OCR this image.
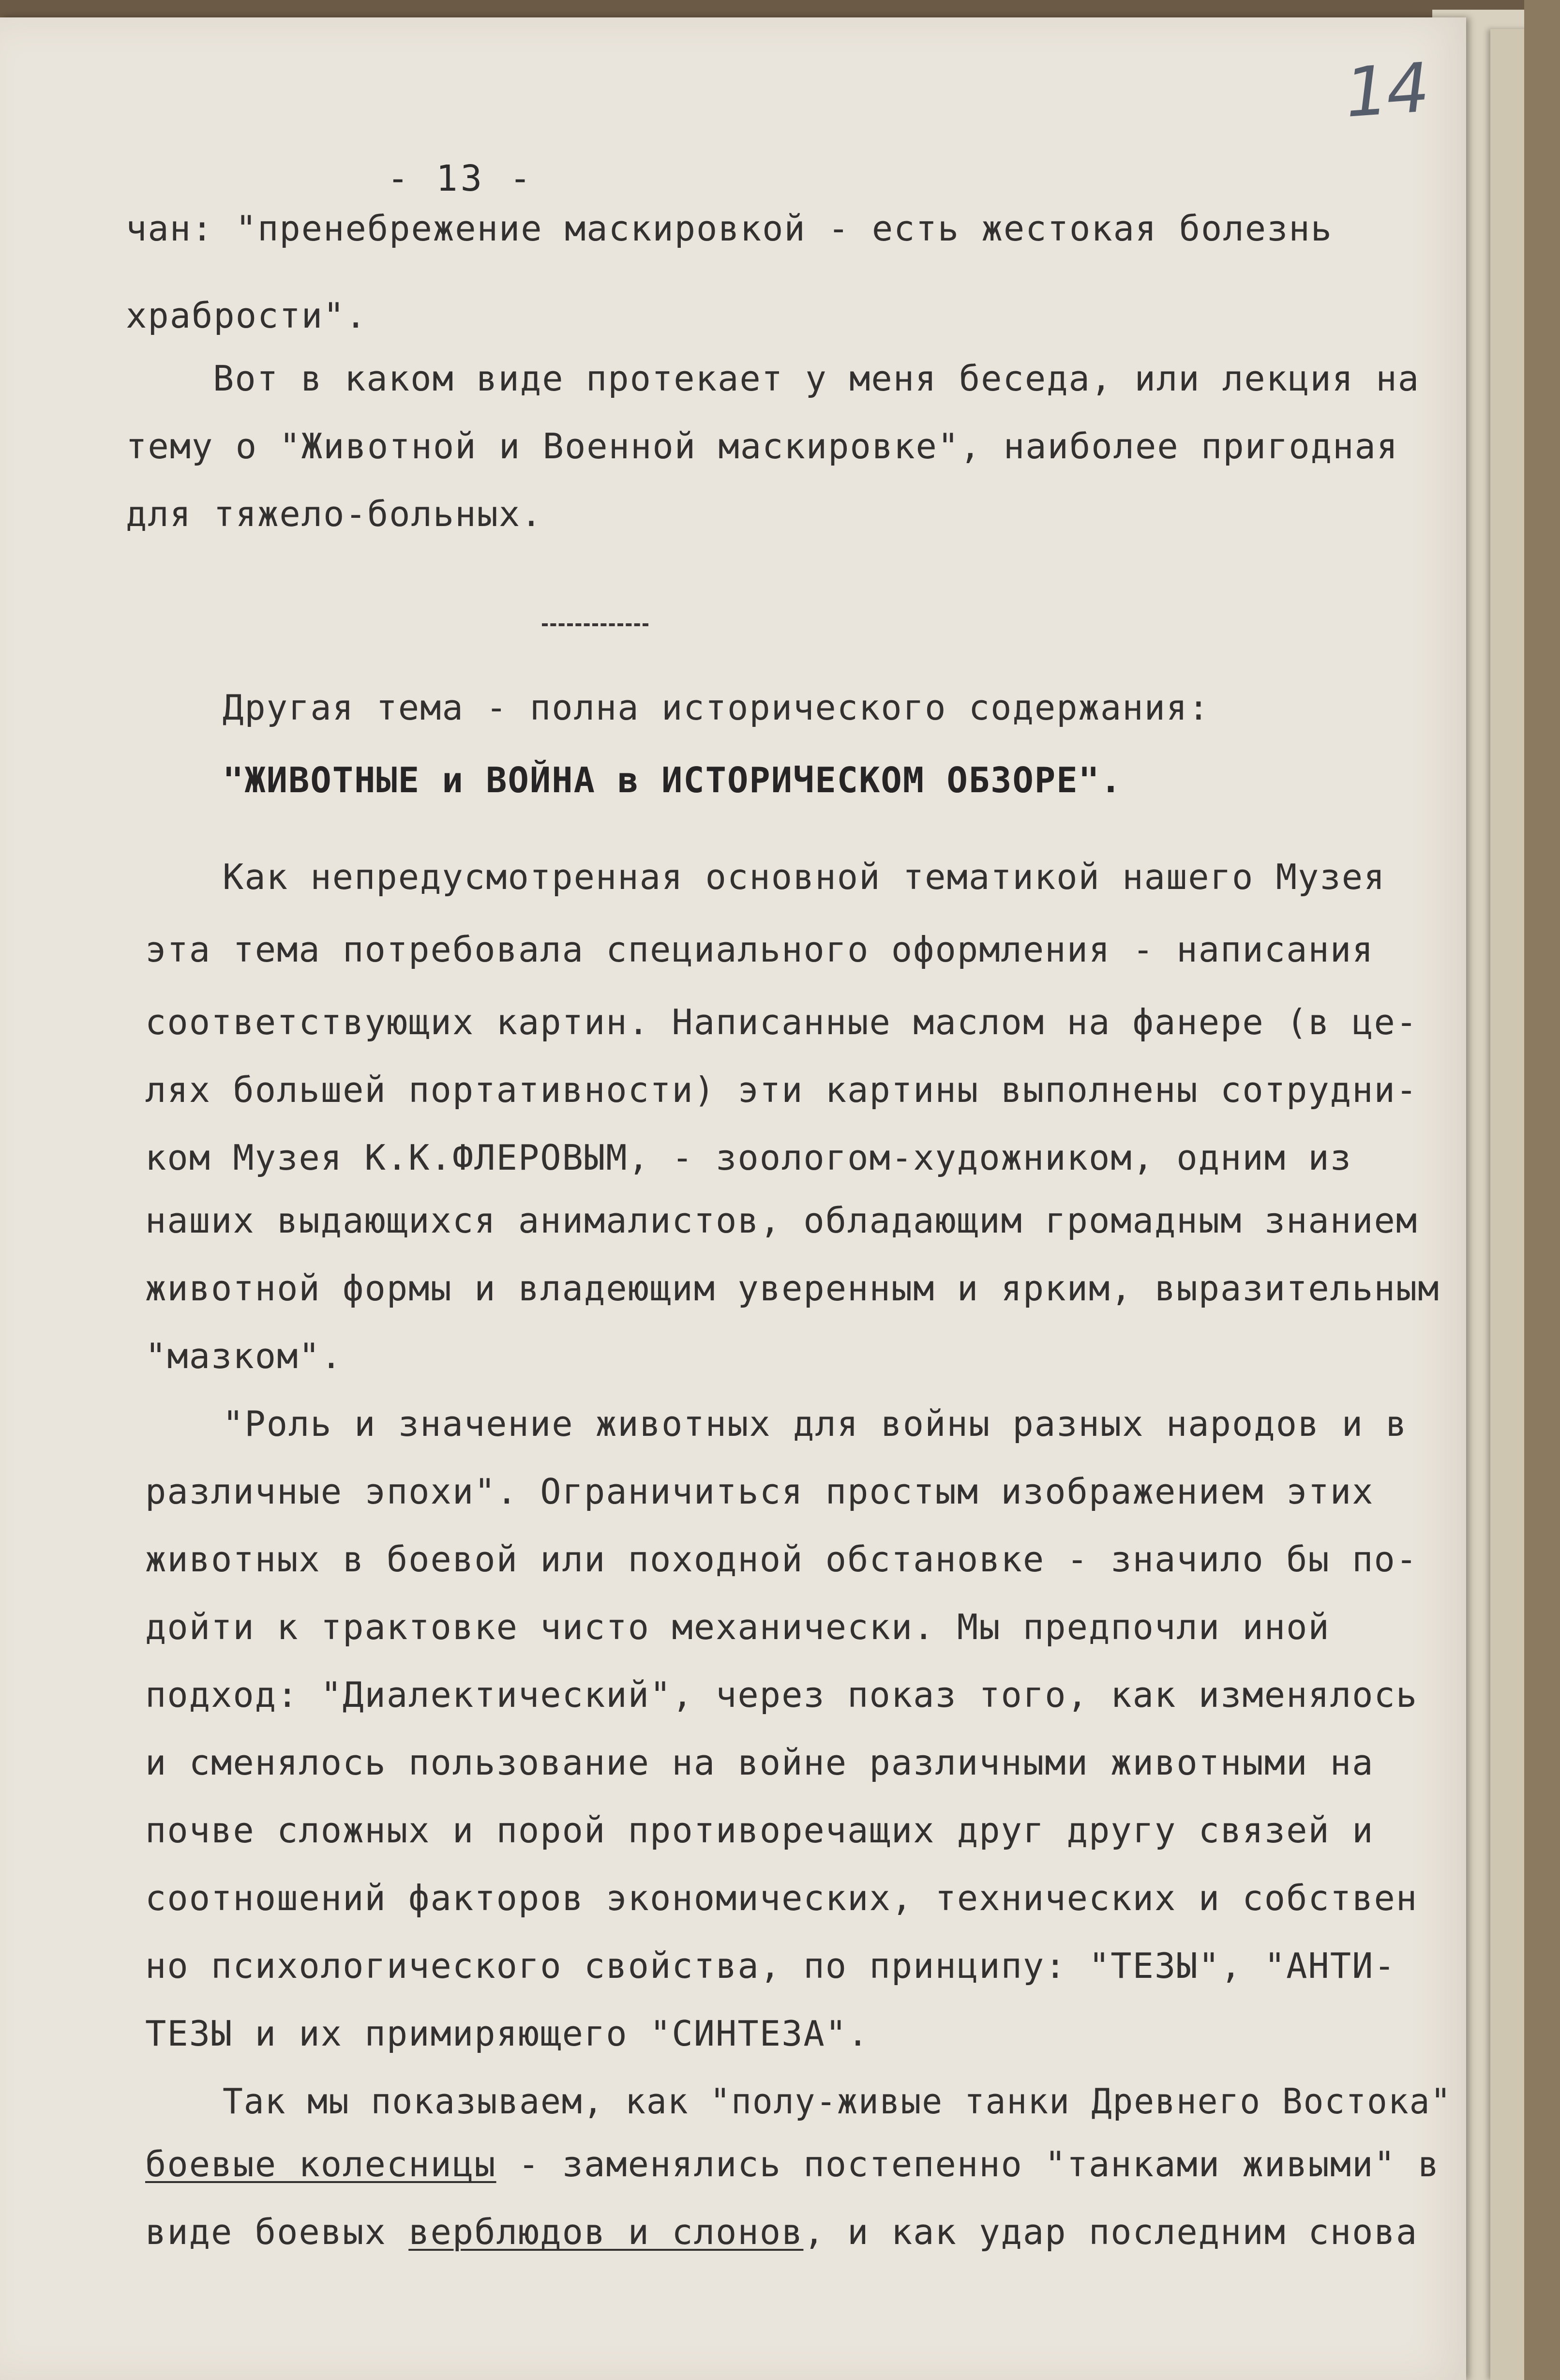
14
- 13 -
чан: "пренебрежение маскировкой - есть жестокая болезнь
храбрости".
Вот в каком виде протекает у меня беседа, или лекция на
тему о "Животной и Военной маскировке", наиболее пригодная
для тяжело-больных.
Другая тема - полна исторического содержания:
"ЖИВОТНЫЕ и ВОЙНА в ИСТОРИЧЕСКОМ ОБЗОРЕ".
Как непредусмотренная основной тематикой нашего Музея
эта тема потребовала специального оформления - написания
соответствующих картин. Написанные маслом на фанере (в це-
лях большей портативности) эти картины выполнены сотрудни-
ком Музея К.К.ФЛЕРОВЫМ, - зоологом-художником, одним из
наших выдающихся анималистов, обладающим громадным знанием
животной формы и владеющим уверенным и ярким, выразительным
"мазком".
"Роль и значение животных для войны разных народов и в
различные эпохи". Ограничиться простым изображением этих
животных в боевой или походной обстановке - значило бы по-
дойти к трактовке чисто механически. Мы предпочли иной
подход: "Диалектический", через показ того, как изменялось
и сменялось пользование на войне различными животными на
почве сложных и порой противоречащих друг другу связей и
соотношений факторов экономических, технических и собствен
но психологического свойства, по принципу: "ТЕЗЫ", "АНТИ-
ТЕЗЫ и их примиряющего "СИНТЕЗА".
Так мы показываем, как "полу-живые танки Древнего Востока"
боевые колесницы - заменялись постепенно "танками живыми" в
виде боевых верблюдов и слонов, и как удар последним снова
